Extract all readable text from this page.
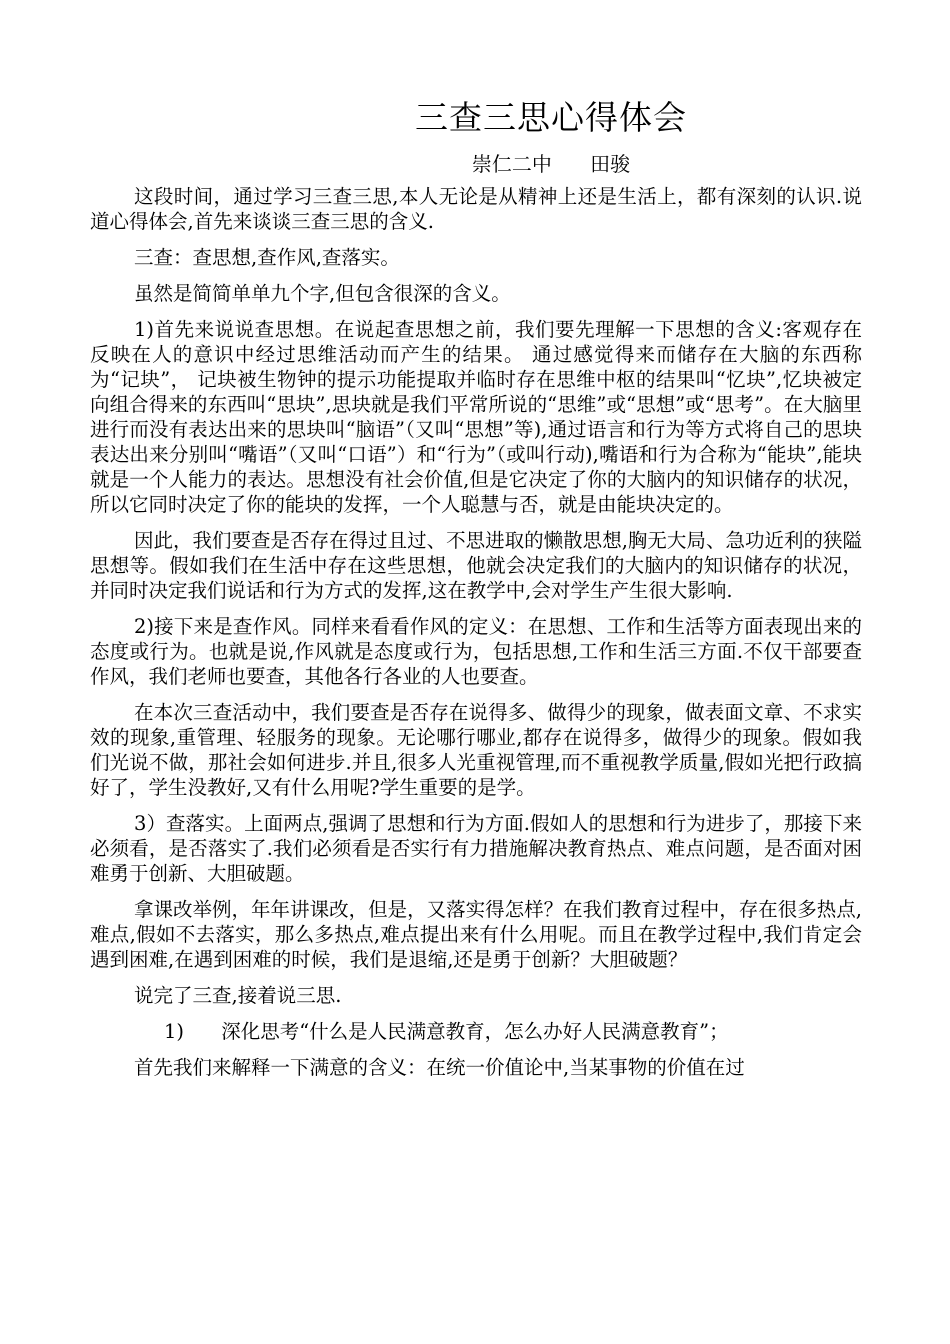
三查三思心得体会
崇仁二中      田骏

这段时间，通过学习三查三思,本人无论是从精神上还是生活上，都有深刻的认识.说道心得体会,首先来谈谈三查三思的含义.

三查：查思想,查作风,查落实。

虽然是简简单单九个字,但包含很深的含义。

1)首先来说说查思想。在说起查思想之前，我们要先理解一下思想的含义:客观存在反映在人的意识中经过思维活动而产生的结果。 通过感觉得来而储存在大脑的东西称为“记块”， 记块被生物钟的提示功能提取并临时存在思维中枢的结果叫“忆块”,忆块被定向组合得来的东西叫“思块”,思块就是我们平常所说的“思维”或“思想”或“思考”。在大脑里进行而没有表达出来的思块叫“脑语”（又叫“思想”等),通过语言和行为等方式将自己的思块表达出来分别叫“嘴语”（又叫“口语”）和“行为”（或叫行动),嘴语和行为合称为“能块”,能块就是一个人能力的表达。思想没有社会价值,但是它决定了你的大脑内的知识储存的状况，所以它同时决定了你的能块的发挥，一个人聪慧与否，就是由能块决定的。

因此，我们要查是否存在得过且过、不思进取的懒散思想,胸无大局、急功近利的狭隘思想等。假如我们在生活中存在这些思想，他就会决定我们的大脑内的知识储存的状况，并同时决定我们说话和行为方式的发挥,这在教学中,会对学生产生很大影响.

2)接下来是查作风。同样来看看作风的定义：在思想、工作和生活等方面表现出来的态度或行为。也就是说,作风就是态度或行为，包括思想,工作和生活三方面.不仅干部要查作风，我们老师也要查，其他各行各业的人也要查。

在本次三查活动中，我们要查是否存在说得多、做得少的现象，做表面文章、不求实效的现象,重管理、轻服务的现象。无论哪行哪业,都存在说得多，做得少的现象。假如我们光说不做，那社会如何进步.并且,很多人光重视管理,而不重视教学质量,假如光把行政搞好了，学生没教好,又有什么用呢?学生重要的是学。

3）查落实。上面两点,强调了思想和行为方面.假如人的思想和行为进步了，那接下来必须看，是否落实了.我们必须看是否实行有力措施解决教育热点、难点问题，是否面对困难勇于创新、大胆破题。

拿课改举例，年年讲课改，但是，又落实得怎样？在我们教育过程中，存在很多热点,难点,假如不去落实，那么多热点,难点提出来有什么用呢。而且在教学过程中,我们肯定会遇到困难,在遇到困难的时候，我们是退缩,还是勇于创新？大胆破题？

说完了三查,接着说三思.

1)      深化思考“什么是人民满意教育，怎么办好人民满意教育”；

首先我们来解释一下满意的含义：在统一价值论中,当某事物的价值在过
